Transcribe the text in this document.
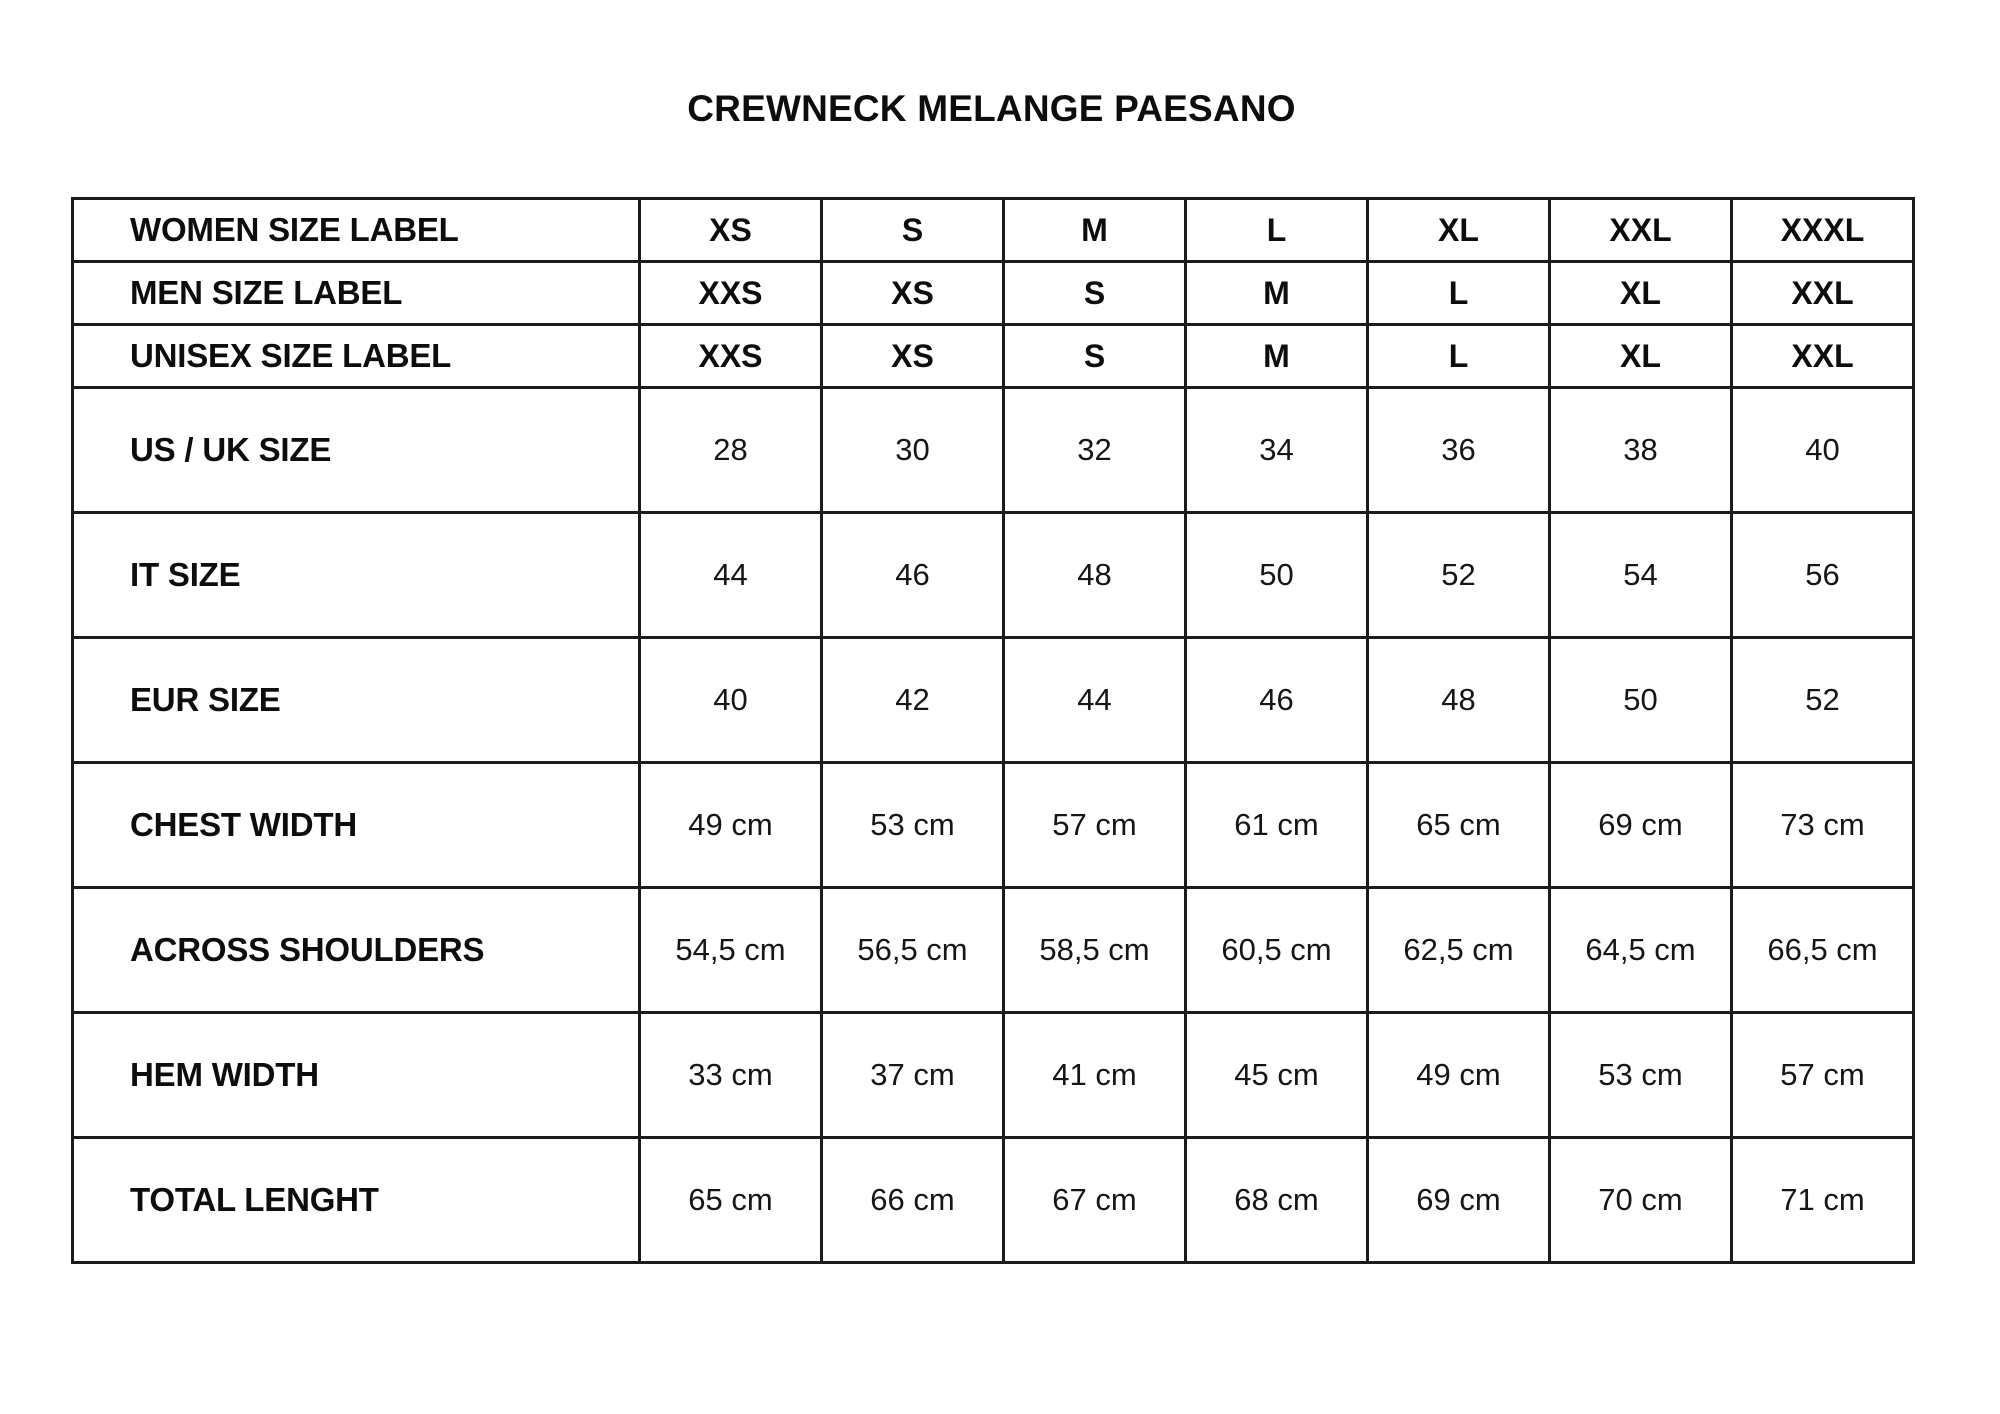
CREWNECK MELANGE PAESANO
WOMEN SIZE LABEL	XS	S	M	L	XL	XXL	XXXL
MEN SIZE LABEL	XXS	XS	S	M	L	XL	XXL
UNISEX SIZE LABEL	XXS	XS	S	M	L	XL	XXL
US / UK SIZE	28	30	32	34	36	38	40
IT SIZE	44	46	48	50	52	54	56
EUR SIZE	40	42	44	46	48	50	52
CHEST WIDTH	49 cm	53 cm	57 cm	61 cm	65 cm	69 cm	73 cm
ACROSS SHOULDERS	54,5 cm	56,5 cm	58,5 cm	60,5 cm	62,5 cm	64,5 cm	66,5 cm
HEM WIDTH	33 cm	37 cm	41 cm	45 cm	49 cm	53 cm	57 cm
TOTAL LENGHT	65 cm	66 cm	67 cm	68 cm	69 cm	70 cm	71 cm
